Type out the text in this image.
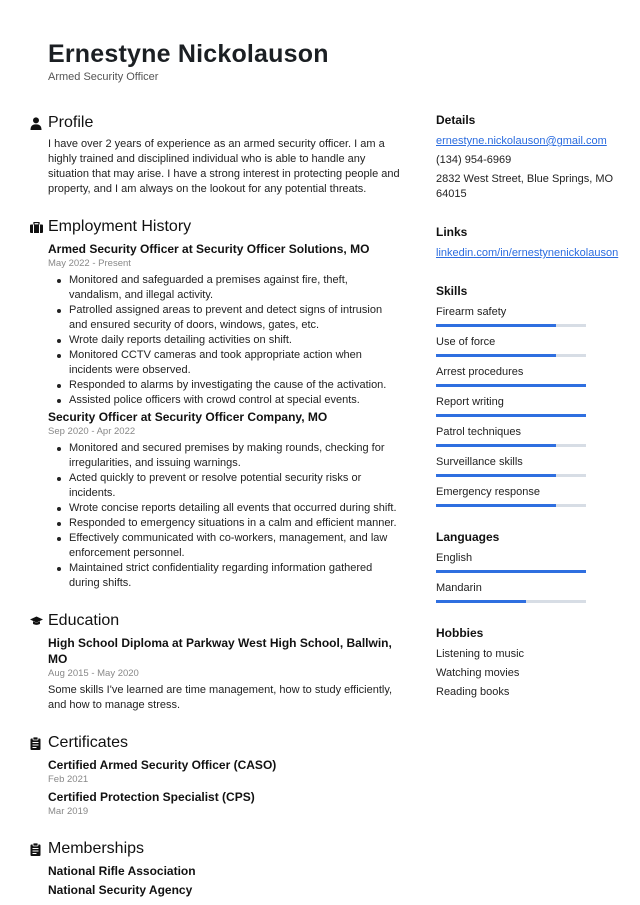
Ernestyne Nickolauson
Armed Security Officer
Profile

I have over 2 years of experience as an armed security officer. I am a highly trained and disciplined individual who is able to handle any situation that may arise. I have a strong interest in protecting people and property, and I am always on the lookout for any potential threats.

Employment History
Armed Security Officer at Security Officer Solutions, MO
May 2022 - Present
Monitored and safeguarded a premises against fire, theft, vandalism, and illegal activity.
Patrolled assigned areas to prevent and detect signs of intrusion and ensured security of doors, windows, gates, etc.
Wrote daily reports detailing activities on shift.
Monitored CCTV cameras and took appropriate action when incidents were observed.
Responded to alarms by investigating the cause of the activation.
Assisted police officers with crowd control at special events.
Security Officer at Security Officer Company, MO
Sep 2020 - Apr 2022
Monitored and secured premises by making rounds, checking for irregularities, and issuing warnings.
Acted quickly to prevent or resolve potential security risks or incidents.
Wrote concise reports detailing all events that occurred during shift.
Responded to emergency situations in a calm and efficient manner.
Effectively communicated with co-workers, management, and law enforcement personnel.
Maintained strict confidentiality regarding information gathered during shifts.
Education
High School Diploma at Parkway West High School, Ballwin, MO
Aug 2015 - May 2020

Some skills I've learned are time management, how to study efficiently, and how to manage stress.

Certificates
Certified Armed Security Officer (CASO)
Feb 2021
Certified Protection Specialist (CPS)
Mar 2019
Memberships
National Rifle Association
National Security Agency
Details
ernestyne.nickolauson@gmail.com
(134) 954-6969
2832 West Street, Blue Springs, MO 64015
Links
linkedin.com/in/ernestynenickolauson
Skills
Firearm safety
Use of force
Arrest procedures
Report writing
Patrol techniques
Surveillance skills
Emergency response
Languages
English
Mandarin
Hobbies
Listening to music
Watching movies
Reading books
